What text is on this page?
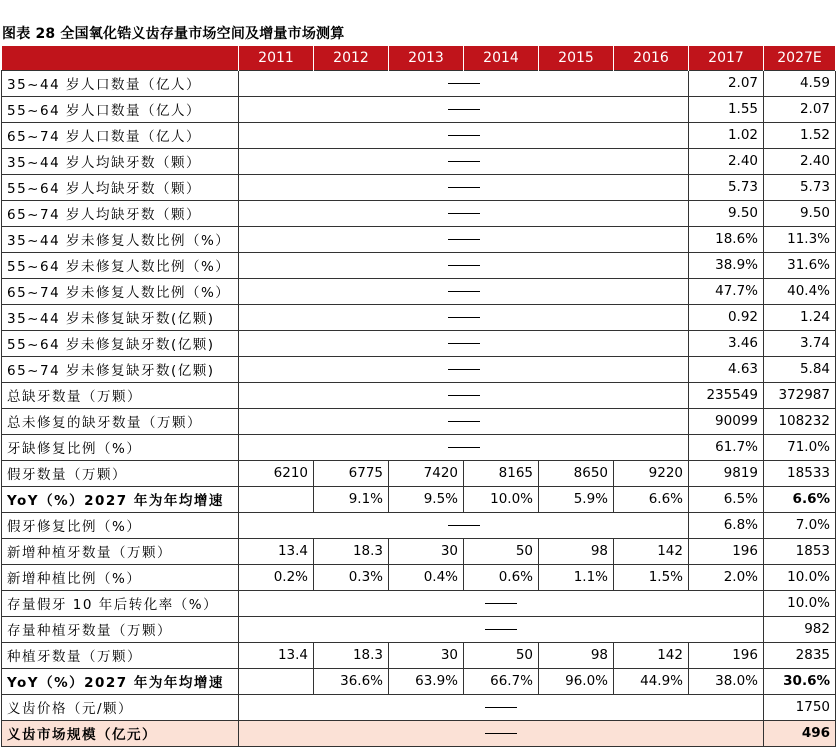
图表 28 全国氧化锆义齿存量市场空间及增量市场测算
	2011	2012	2013	2014	2015	2016	2017	2027E
35~44 岁人口数量（亿人）							2.07	4.59
55~64 岁人口数量（亿人）							1.55	2.07
65~74 岁人口数量（亿人）							1.02	1.52
35~44 岁人均缺牙数（颗）							2.40	2.40
55~64 岁人均缺牙数（颗）							5.73	5.73
65~74 岁人均缺牙数（颗）							9.50	9.50
35~44 岁未修复人数比例（%）							18.6%	11.3%
55~64 岁未修复人数比例（%）							38.9%	31.6%
65~74 岁未修复人数比例（%）							47.7%	40.4%
35~44 岁未修复缺牙数(亿颗)							0.92	1.24
55~64 岁未修复缺牙数(亿颗)							3.46	3.74
65~74 岁未修复缺牙数(亿颗)							4.63	5.84
总缺牙数量（万颗）							235549	372987
总未修复的缺牙数量（万颗）							90099	108232
牙缺修复比例（%）							61.7%	71.0%
假牙数量（万颗）	6210	6775	7420	8165	8650	9220	9819	18533
YoY（%）2027 年为年均增速		9.1%	9.5%	10.0%	5.9%	6.6%	6.5%	6.6%
假牙修复比例（%）							6.8%	7.0%
新增种植牙数量（万颗）	13.4	18.3	30	50	98	142	196	1853
新增种植比例（%）	0.2%	0.3%	0.4%	0.6%	1.1%	1.5%	2.0%	10.0%
存量假牙 10 年后转化率（%）								10.0%
存量种植牙数量（万颗）								982
种植牙数量（万颗）	13.4	18.3	30	50	98	142	196	2835
YoY（%）2027 年为年均增速		36.6%	63.9%	66.7%	96.0%	44.9%	38.0%	30.6%
义齿价格（元/颗）								1750
义齿市场规模（亿元）								496
